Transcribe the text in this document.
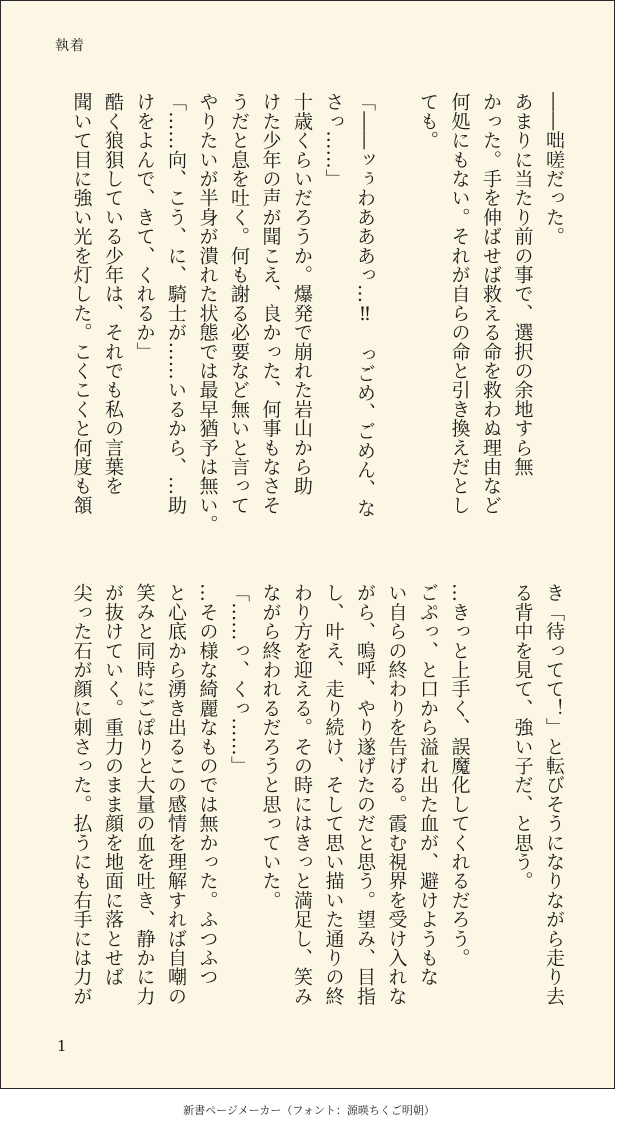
執着

――咄嗟だった。

あまりに当たり前の事で、選択の余地すら無

かった。手を伸ばせば救える命を救わぬ理由など

何処にもない。それが自らの命と引き換えだとし

ても。

「――ッぅわあああっ…‼　っごめ、ごめん、な

さっ……」

十歳くらいだろうか。爆発で崩れた岩山から助

けた少年の声が聞こえ、良かった、何事もなさそ

うだと息を吐く。何も謝る必要など無いと言って

やりたいが半身が潰れた状態では最早猶予は無い。

「……向、こう、に、騎士が……いるから、…助

けをよんで、きて、くれるか」

酷く狼狽している少年は、それでも私の言葉を

聞いて目に強い光を灯した。こくこくと何度も頷

き「待ってて！」と転びそうになりながら走り去

る背中を見て、強い子だ、と思う。

…きっと上手く、誤魔化してくれるだろう。

ごぷっ、と口から溢れ出た血が、避けようもな

い自らの終わりを告げる。霞む視界を受け入れな

がら、嗚呼、やり遂げたのだと思う。望み、目指

し、叶え、走り続け、そして思い描いた通りの終

わり方を迎える。その時にはきっと満足し、笑み

ながら終われるだろうと思っていた。

「……っ、くっ……」

…その様な綺麗なものでは無かった。ふつふつ

と心底から湧き出るこの感情を理解すれば自嘲の

笑みと同時にごぽりと大量の血を吐き、静かに力

が抜けていく。重力のまま顔を地面に落とせば

尖った石が顔に刺さった。払うにも右手には力が

1
新書ページメーカー（フォント：源暎ちくご明朝）
